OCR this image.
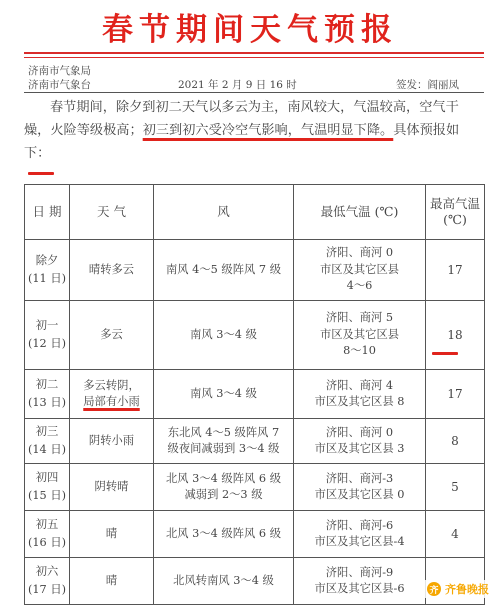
春节期间天气预报
济南市气象局
济南市气象台	2021 年 2 月 9 日 16 时	签发：阎丽凤
春节期间，除夕到初二天气以多云为主，南风较大，气温较高，空气干燥，火险等级极高；初三到初六受冷空气影响，气温明显下降。具体预报如下：
日 期	天 气	风	最低气温 (℃)	最高气温
(℃)
除夕
(11 日)	晴转多云	南风 4～5 级阵风 7 级	济阳、商河 0
市区及其它区县
4～6	17
初一
(12 日)	多云	南风 3～4 级	济阳、商河 5
市区及其它区县
8～10	18
初二
(13 日)	多云转阴，
局部有小雨	南风 3～4 级	济阳、商河 4
市区及其它区县 8	17
初三
(14 日)	阴转小雨	东北风 4～5 级阵风 7
级夜间减弱到 3～4 级	济阳、商河 0
市区及其它区县 3	8
初四
(15 日)	阴转晴	北风 3～4 级阵风 6 级
减弱到 2～3 级	济阳、商河-3
市区及其它区县 0	5
初五
(16 日)	晴	北风 3～4 级阵风 6 级	济阳、商河-6
市区及其它区县-4	4
初六
(17 日)	晴	北风转南风 3～4 级	济阳、商河-9
市区及其它区县-6		齐 齐鲁晚报
